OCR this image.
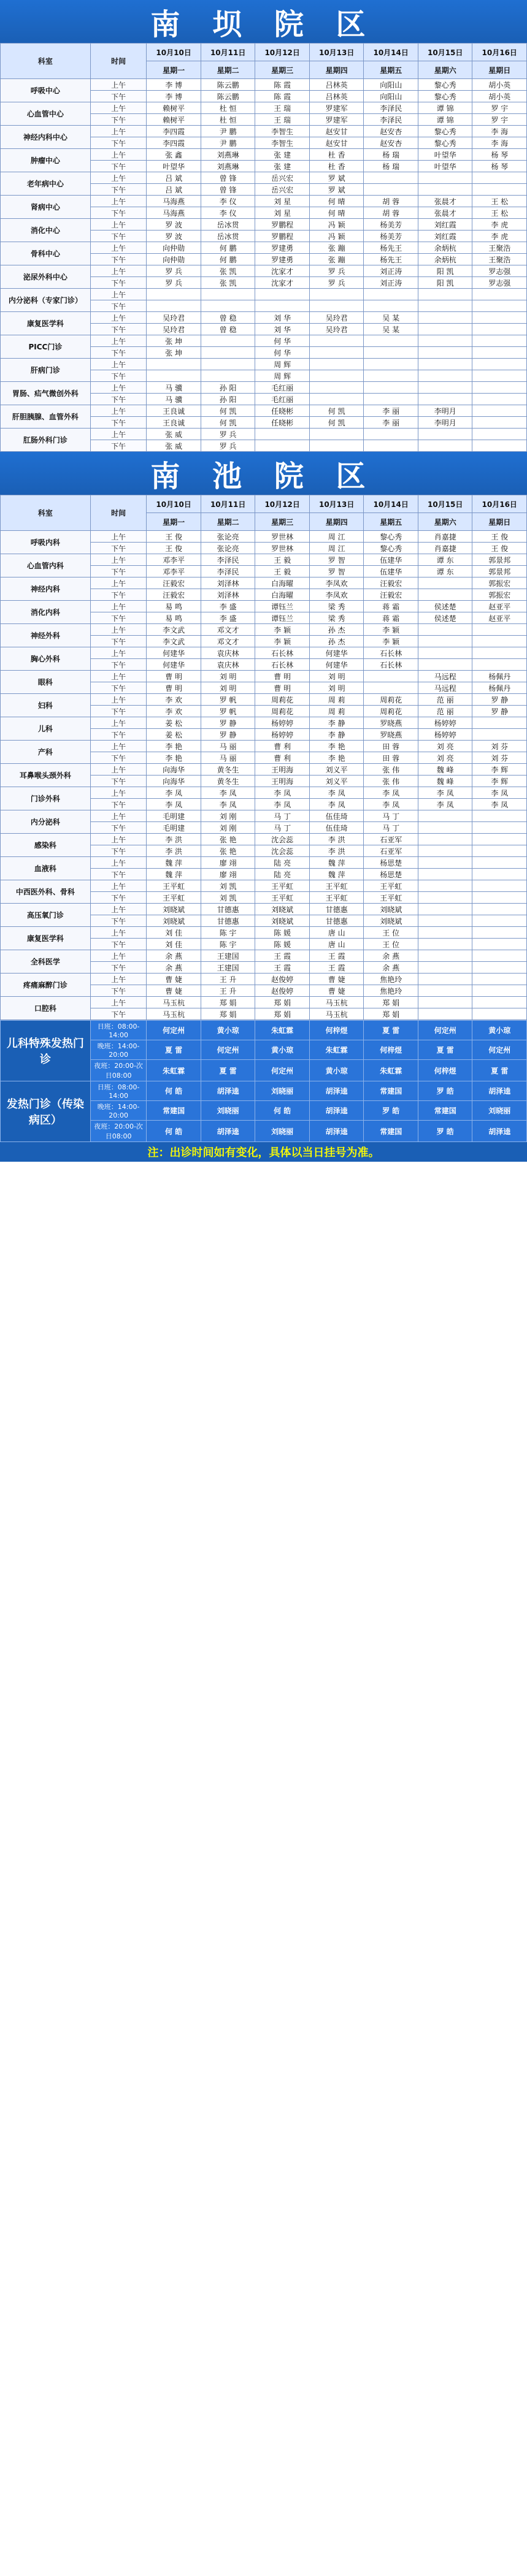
南 坝 院 区
科室	时间	10月10日	10月11日	10月12日	10月13日	10月14日	10月15日	10月16日
		星期一	星期二	星期三	星期四	星期五	星期六	星期日
呼吸中心	上午	李 博	陈云鹏	陈 霞	吕林英	向阳山	黎心秀	胡小英
	下午	李 博	陈云鹏	陈 霞	吕林英	向阳山	黎心秀	胡小英
心血管中心	上午	赖树平	杜 恒	王 瑞	罗建军	李泽民	谭 锦	罗 宇
	下午	赖树平	杜 恒	王 瑞	罗建军	李泽民	谭 锦	罗 宇
神经内科中心	上午	李四霞	尹 鹏	李智生	赵安甘	赵安杏	黎心秀	李 海
	下午	李四霞	尹 鹏	李智生	赵安甘	赵安杏	黎心秀	李 海
肿瘤中心	上午	张 鑫	刘燕琳	张 建	杜 香	杨 瑞	叶望华	杨 琴
	下午	叶望华	刘燕琳	张 建	杜 香	杨 瑞	叶望华	杨 琴
老年病中心	上午	吕 斌	曾 锋	岳兴宏	罗 斌			
	下午	吕 斌	曾 锋	岳兴宏	罗 斌			
肾病中心	上午	马海燕	李 仪	刘 星	何 晴	胡 蓉	张晨才	王 松
	下午	马海燕	李 仪	刘 星	何 晴	胡 蓉	张晨才	王 松
消化中心	上午	罗 波	岳冰贯	罗鹏程	冯 颖	杨美芳	刘红霞	李 虎
	下午	罗 波	岳冰贯	罗鹏程	冯 颖	杨美芳	刘红霞	李 虎
骨科中心	上午	向仲勋	何 鹏	罗建勇	张 蹦	杨先王	余炳杭	王聚浩
	下午	向仲勋	何 鹏	罗建勇	张 蹦	杨先王	余炳杭	王聚浩
泌尿外科中心	上午	罗 兵	张 凯	沈家才	罗 兵	刘正涛	阳 凯	罗志强
	下午	罗 兵	张 凯	沈家才	罗 兵	刘正涛	阳 凯	罗志强
内分泌科（专家门诊）	上午							
	下午							
康复医学科	上午	吴玲君	曾 稳	刘 华	吴玲君	吴 某		
	下午	吴玲君	曾 稳	刘 华	吴玲君	吴 某		
PICC门诊	上午	张 坤		何 华				
	下午	张 坤		何 华				
肝病门诊	上午			周 辉				
	下午			周 辉				
胃肠、疝气微创外科	上午	马 骥	孙 阳	毛红丽				
	下午	马 骥	孙 阳	毛红丽				
肝胆胰腺、血管外科	上午	王良诚	何 凯	任晓彬	何 凯	李 丽	李明月	
	下午	王良诚	何 凯	任晓彬	何 凯	李 丽	李明月	
肛肠外科门诊	上午	张 威	罗 兵					
	下午	张 威	罗 兵					
南 池 院 区
科室	时间	10月10日	10月11日	10月12日	10月13日	10月14日	10月15日	10月16日
		星期一	星期二	星期三	星期四	星期五	星期六	星期日
呼吸内科	上午	王 俊	张论亮	罗世林	周 江	黎心秀	肖嘉捷	王 俊
	下午	王 俊	张论亮	罗世林	周 江	黎心秀	肖嘉捷	王 俊
心血管内科	上午	邓李平	李泽民	王 毅	罗 智	伍建华	谭 东	郭景邦
	下午	邓李平	李泽民	王 毅	罗 智	伍建华	谭 东	郭景邦
神经内科	上午	汪毅宏	刘泽林	白海曜	李凤欢	汪毅宏		郭振宏
	下午	汪毅宏	刘泽林	白海曜	李凤欢	汪毅宏		郭振宏
消化内科	上午	易 鸣	李 盛	谭钰兰	梁 秀	蒋 霜	侯述楚	赵亚平
	下午	易 鸣	李 盛	谭钰兰	梁 秀	蒋 霜	侯述楚	赵亚平
神经外科	上午	李文武	邓文才	李 颖	孙 杰	李 颖		
	下午	李文武	邓文才	李 颖	孙 杰	李 颖		
胸心外科	上午	何建华	袁庆林	石长林	何建华	石长林		
	下午	何建华	袁庆林	石长林	何建华	石长林		
眼科	上午	曹 明	刘 明	曹 明	刘 明		马远程	杨佩丹
	下午	曹 明	刘 明	曹 明	刘 明		马远程	杨佩丹
妇科	上午	李 欢	罗 帆	周莉花	周 莉	周莉花	范 丽	罗 静
	下午	李 欢	罗 帆	周莉花	周 莉	周莉花	范 丽	罗 静
儿科	上午	姜 松	罗 静	杨婷婷	李 静	罗晓燕	杨婷婷	
	下午	姜 松	罗 静	杨婷婷	李 静	罗晓燕	杨婷婷	
产科	上午	李 艳	马 丽	曹 利	李 艳	田 蓉	刘 亮	刘 芬
	下午	李 艳	马 丽	曹 利	李 艳	田 蓉	刘 亮	刘 芬
耳鼻喉头颈外科	上午	向海华	黄冬生	王明海	刘义平	张 伟	魏 峰	李 辉
	下午	向海华	黄冬生	王明海	刘义平	张 伟	魏 峰	李 辉
门诊外科	上午	李 凤	李 凤	李 凤	李 凤	李 凤	李 凤	李 凤
	下午	李 凤	李 凤	李 凤	李 凤	李 凤	李 凤	李 凤
内分泌科	上午	毛明建	刘 刚	马 丁	伍佳琦	马 丁		
	下午	毛明建	刘 刚	马 丁	伍佳琦	马 丁		
感染科	上午	李 洪	张 艳	沈会蕊	李 洪	石亚军		
	下午	李 洪	张 艳	沈会蕊	李 洪	石亚军		
血液科	上午	魏 萍	廖 翊	陆 亮	魏 萍	杨思楚		
	下午	魏 萍	廖 翊	陆 亮	魏 萍	杨思楚		
中西医外科、骨科	上午	王平虹	刘 凯	王平虹	王平虹	王平虹		
	下午	王平虹	刘 凯	王平虹	王平虹	王平虹		
高压氧门诊	上午	刘晓斌	甘德惠	刘晓斌	甘德惠	刘晓斌		
	下午	刘晓斌	甘德惠	刘晓斌	甘德惠	刘晓斌		
康复医学科	上午	刘 佳	陈 宇	陈 媛	唐 山	王 位		
	下午	刘 佳	陈 宇	陈 媛	唐 山	王 位		
全科医学	上午	余 燕	王建国	王 霞	王 霞	余 燕		
	下午	余 燕	王建国	王 霞	王 霞	余 燕		
疼痛麻醉门诊	上午	曹 婕	王 升	赵俊婷	曹 婕	焦艳玲		
	下午	曹 婕	王 升	赵俊婷	曹 婕	焦艳玲		
口腔科	上午	马玉杭	郑 娟	郑 娟	马玉杭	郑 娟		
	下午	马玉杭	郑 娟	郑 娟	马玉杭	郑 娟		
儿科特殊发热门诊	日班：08:00-14:00	何定州	黄小琼	朱虹霖	何梓煜	夏 雷	何定州	黄小琼
	晚班：14:00-20:00	夏 雷	何定州	黄小琼	朱虹霖	何梓煜	夏 雷	何定州
	夜班：20:00-次日08:00	朱虹霖	夏 雷	何定州	黄小琼	朱虹霖	何梓煜	夏 雷
发热门诊（传染病区）	日班：08:00-14:00	何 皓	胡泽逵	刘晓丽	胡泽逵	常建国	罗 皓	胡泽逵
	晚班：14:00-20:00	常建国	刘晓丽	何 皓	胡泽逵	罗 皓	常建国	刘晓丽
	夜班：20:00-次日08:00	何 皓	胡泽逵	刘晓丽	胡泽逵	常建国	罗 皓	胡泽逵
注：出诊时间如有变化，具体以当日挂号为准。
